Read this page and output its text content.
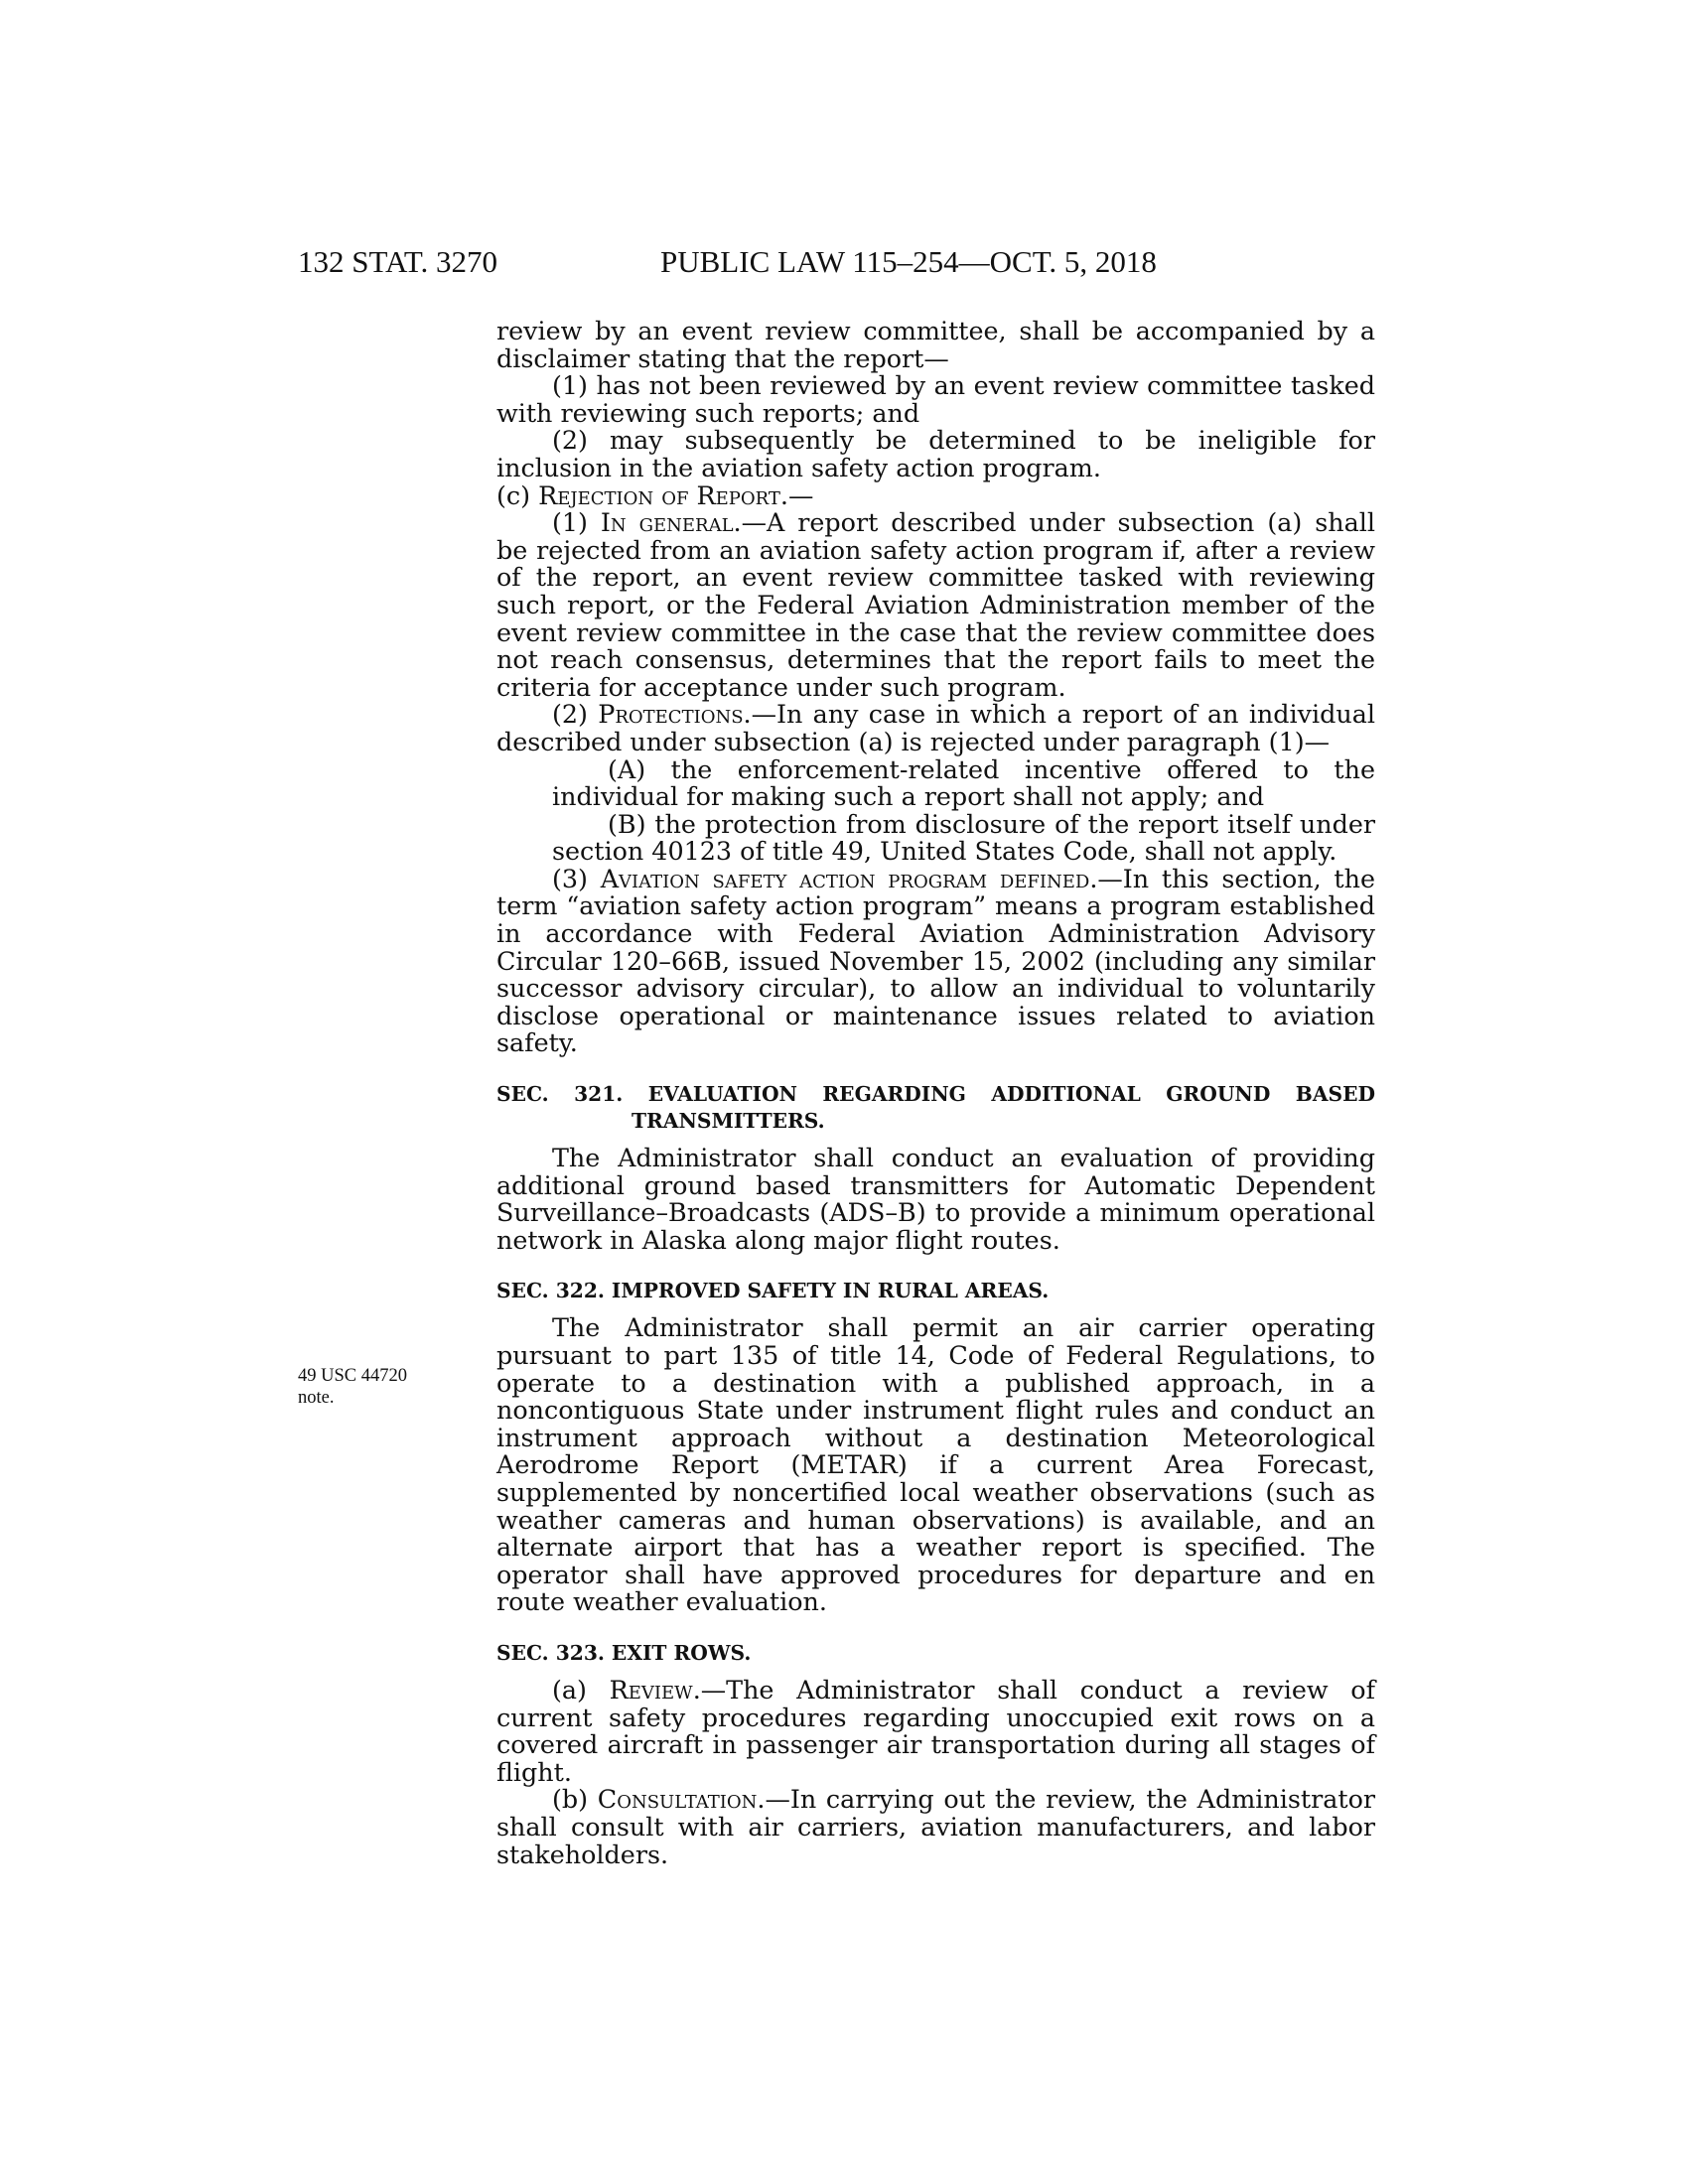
132 STAT. 3270	PUBLIC LAW 115–254—OCT. 5, 2018
49 USC 44720
note.

review by an event review committee, shall be accompanied by a disclaimer stating that the report—

(1) has not been reviewed by an event review committee tasked with reviewing such reports; and

(2) may subsequently be determined to be ineligible for inclusion in the aviation safety action program.

(c) Rejection of Report.—

(1) In general.—A report described under subsection (a) shall be rejected from an aviation safety action program if, after a review of the report, an event review committee tasked with reviewing such report, or the Federal Aviation Administration member of the event review committee in the case that the review committee does not reach consensus, determines that the report fails to meet the criteria for acceptance under such program.

(2) Protections.—In any case in which a report of an individual described under subsection (a) is rejected under paragraph (1)—

(A) the enforcement-related incentive offered to the individual for making such a report shall not apply; and

(B) the protection from disclosure of the report itself under section 40123 of title 49, United States Code, shall not apply.

(3) Aviation safety action program defined.—In this section, the term “aviation safety action program” means a program established in accordance with Federal Aviation Administration Advisory Circular 120–66B, issued November 15, 2002 (including any similar successor advisory circular), to allow an individual to voluntarily disclose operational or maintenance issues related to aviation safety.

SEC. 321. EVALUATION REGARDING ADDITIONAL GROUND BASED TRANSMITTERS.

The Administrator shall conduct an evaluation of providing additional ground based transmitters for Automatic Dependent Surveillance–Broadcasts (ADS–B) to provide a minimum operational network in Alaska along major flight routes.

SEC. 322. IMPROVED SAFETY IN RURAL AREAS.

The Administrator shall permit an air carrier operating pursuant to part 135 of title 14, Code of Federal Regulations, to operate to a destination with a published approach, in a noncontiguous State under instrument flight rules and conduct an instrument approach without a destination Meteorological Aerodrome Report (METAR) if a current Area Forecast, supplemented by noncertified local weather observations (such as weather cameras and human observations) is available, and an alternate airport that has a weather report is specified. The operator shall have approved procedures for departure and en route weather evaluation.

SEC. 323. EXIT ROWS.

(a) Review.—The Administrator shall conduct a review of current safety procedures regarding unoccupied exit rows on a covered aircraft in passenger air transportation during all stages of flight.

(b) Consultation.—In carrying out the review, the Administrator shall consult with air carriers, aviation manufacturers, and labor stakeholders.
